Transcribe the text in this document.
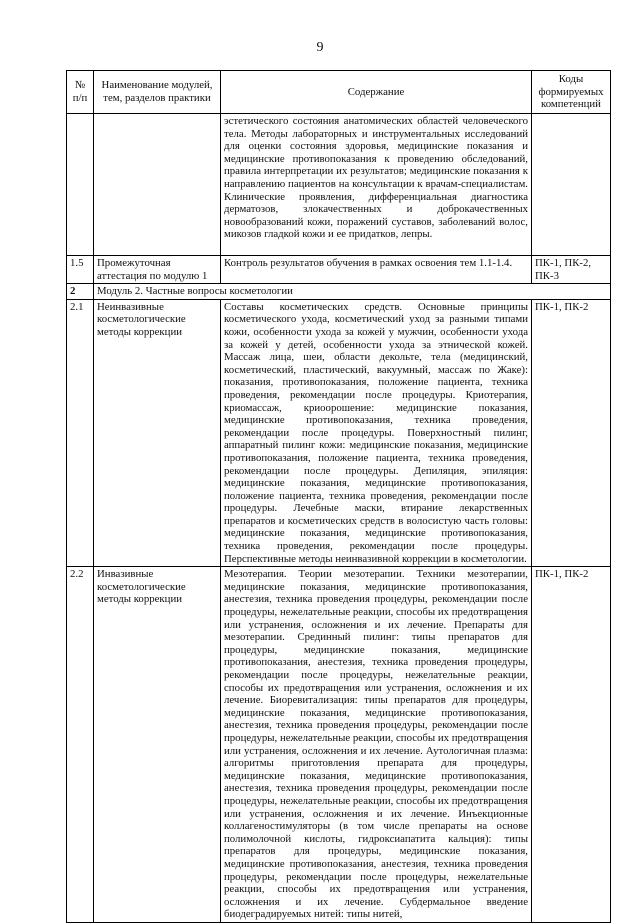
9
№
п/п	Наименование модулей, тем, разделов практики	Содержание	Коды формируемых компетенций
		эстетического состояния анатомических областей человеческого тела. Методы лабораторных и инструментальных исследований для оценки состояния здоровья, медицинские показания и медицинские противопоказания к проведению обследований, правила интерпретации их результатов; медицинские показания к направлению пациентов на консультации к врачам-специалистам. Клинические проявления, дифференциальная диагностика дерматозов, злокачественных и доброкачественных новообразований кожи, поражений суставов, заболеваний волос, микозов гладкой кожи и ее придатков, лепры.	
1.5	Промежуточная аттестация по модулю 1	Контроль результатов обучения в рамках освоения тем 1.1-1.4.	ПК-1, ПК-2, ПК-3
2	Модуль 2. Частные вопросы косметологии		
2.1	Неинвазивные косметологические методы коррекции	Составы косметических средств. Основные принципы косметического ухода, косметический уход за разными типами кожи, особенности ухода за кожей у мужчин, особенности ухода за кожей у детей, особенности ухода за этнической кожей. Массаж лица, шеи, области декольте, тела (медицинский, косметический, пластический, вакуумный, массаж по Жаке): показания, противопоказания, положение пациента, техника проведения, рекомендации после процедуры. Криотерапия, криомассаж, криоорошение: медицинские показания, медицинские противопоказания, техника проведения, рекомендации после процедуры. Поверхностный пилинг, аппаратный пилинг кожи: медицинские показания, медицинские противопоказания, положение пациента, техника проведения, рекомендации после процедуры. Депиляция, эпиляция: медицинские показания, медицинские противопоказания, положение пациента, техника проведения, рекомендации после процедуры. Лечебные маски, втирание лекарственных препаратов и косметических средств в волосистую часть головы: медицинские показания, медицинские противопоказания, техника проведения, рекомендации после процедуры. Перспективные методы неинвазивной коррекции в косметологии.	ПК-1, ПК-2
2.2	Инвазивные косметологические методы коррекции	Мезотерапия. Теории мезотерапии. Техники мезотерапии, медицинские показания, медицинские противопоказания, анестезия, техника проведения процедуры, рекомендации после процедуры, нежелательные реакции, способы их предотвращения или устранения, осложнения и их лечение. Препараты для мезотерапии. Срединный пилинг: типы препаратов для процедуры, медицинские показания, медицинские противопоказания, анестезия, техника проведения процедуры, рекомендации после процедуры, нежелательные реакции, способы их предотвращения или устранения, осложнения и их лечение. Биоревитализация: типы препаратов для процедуры, медицинские показания, медицинские противопоказания, анестезия, техника проведения процедуры, рекомендации после процедуры, нежелательные реакции, способы их предотвращения или устранения, осложнения и их лечение. Аутологичная плазма: алгоритмы приготовления препарата для процедуры, медицинские показания, медицинские противопоказания, анестезия, техника проведения процедуры, рекомендации после процедуры, нежелательные реакции, способы их предотвращения или устранения, осложнения и их лечение. Инъекционные коллагеностимуляторы (в том числе препараты на основе полимолочной кислоты, гидроксиапатита кальция): типы препаратов для процедуры, медицинские показания, медицинские противопоказания, анестезия, техника проведения процедуры, рекомендации после процедуры, нежелательные реакции, способы их предотвращения или устранения, осложнения и их лечение. Субдермальное введение биодеградируемых нитей: типы нитей,	ПК-1, ПК-2
